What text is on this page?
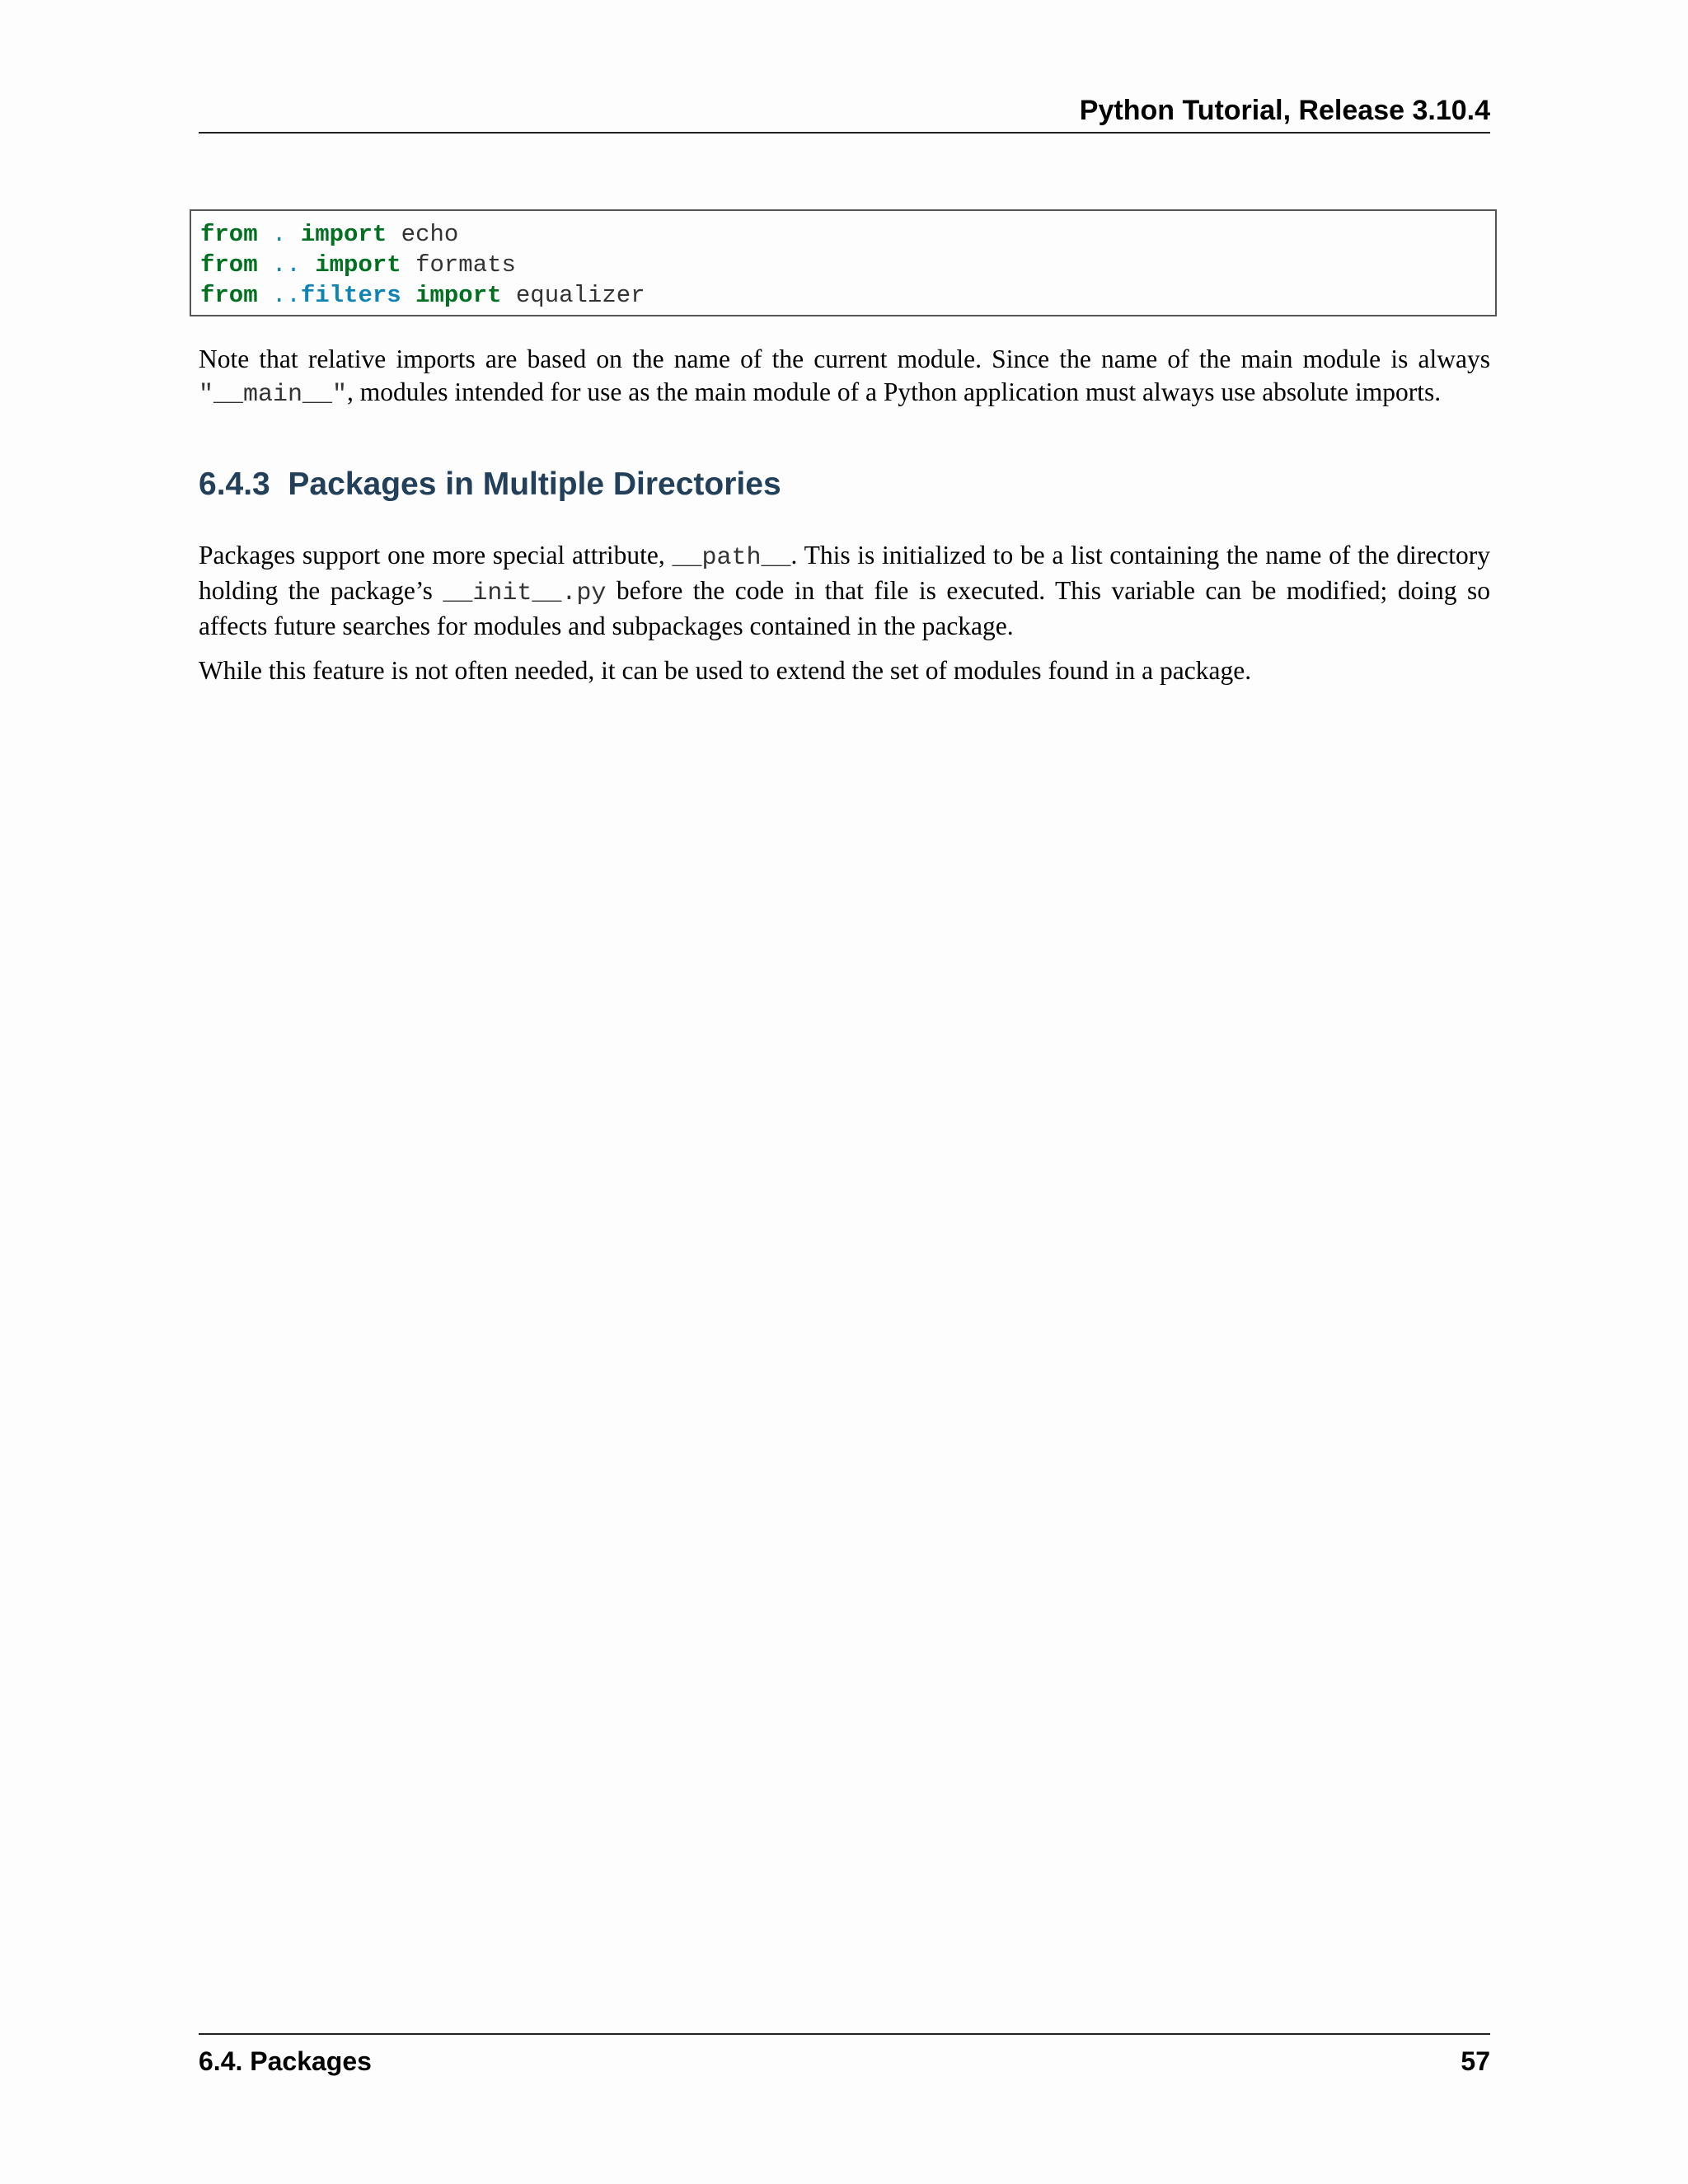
Python Tutorial, Release 3.10.4
from . import echo
from .. import formats
from ..filters import equalizer
Note that relative imports are based on the name of the current module. Since the name of the main module is always "__main__", modules intended for use as the main module of a Python application must always use absolute imports.
6.4.3 Packages in Multiple Directories
Packages support one more special attribute, __path__. This is initialized to be a list containing the name of the directory holding the package’s __init__.py before the code in that file is executed. This variable can be modified; doing so affects future searches for modules and subpackages contained in the package.
While this feature is not often needed, it can be used to extend the set of modules found in a package.
6.4. Packages	57
